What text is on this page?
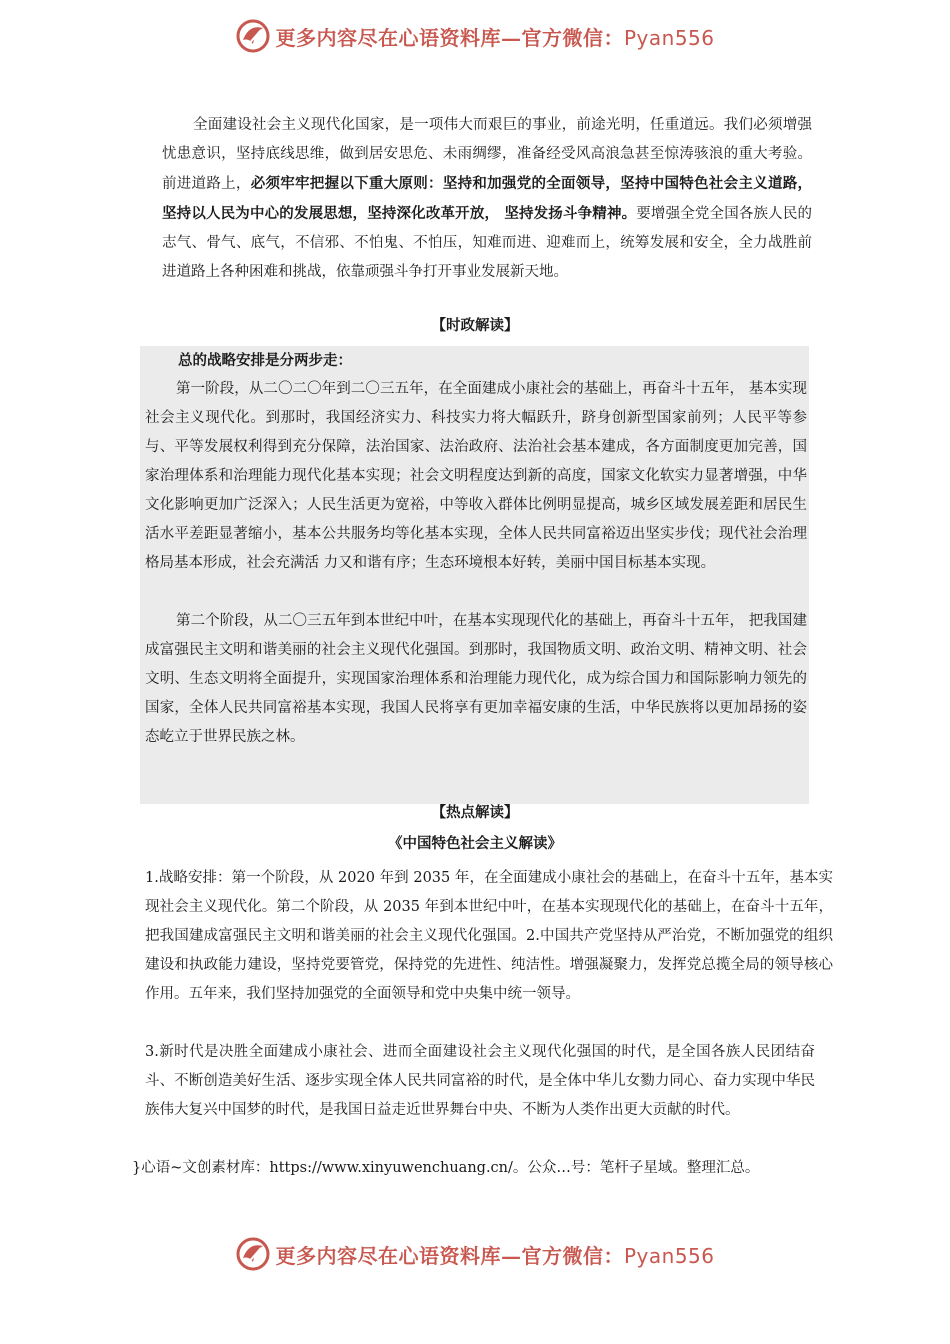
更多内容尽在心语资料库—官方微信：Pyan556

全面建设社会主义现代化国家，是一项伟大而艰巨的事业，前途光明，任重道远。我们必须增强忧患意识，坚持底线思维，做到居安思危、未雨绸缪，准备经受风高浪急甚至惊涛骇浪的重大考验。前进道路上，必须牢牢把握以下重大原则：坚持和加强党的全面领导，坚持中国特色社会主义道路，坚持以人民为中心的发展思想，坚持深化改革开放， 坚持发扬斗争精神。要增强全党全国各族人民的志气、骨气、底气，不信邪、不怕鬼、不怕压，知难而进、迎难而上，统筹发展和安全，全力战胜前进道路上各种困难和挑战，依靠顽强斗争打开事业发展新天地。

【时政解读】

总的战略安排是分两步走：

第一阶段，从二〇二〇年到二〇三五年，在全面建成小康社会的基础上，再奋斗十五年， 基本实现社会主义现代化。到那时，我国经济实力、科技实力将大幅跃升，跻身创新型国家前列；人民平等参与、平等发展权利得到充分保障，法治国家、法治政府、法治社会基本建成，各方面制度更加完善，国家治理体系和治理能力现代化基本实现；社会文明程度达到新的高度，国家文化软实力显著增强，中华文化影响更加广泛深入；人民生活更为宽裕，中等收入群体比例明显提高，城乡区域发展差距和居民生活水平差距显著缩小，基本公共服务均等化基本实现，全体人民共同富裕迈出坚实步伐；现代社会治理格局基本形成，社会充满活 力又和谐有序；生态环境根本好转，美丽中国目标基本实现。

第二个阶段，从二〇三五年到本世纪中叶，在基本实现现代化的基础上，再奋斗十五年， 把我国建成富强民主文明和谐美丽的社会主义现代化强国。到那时，我国物质文明、政治文明、精神文明、社会文明、生态文明将全面提升，实现国家治理体系和治理能力现代化，成为综合国力和国际影响力领先的国家，全体人民共同富裕基本实现，我国人民将享有更加幸福安康的生活，中华民族将以更加昂扬的姿态屹立于世界民族之林。

【热点解读】

《中国特色社会主义解读》

1.战略安排：第一个阶段，从 2020 年到 2035 年，在全面建成小康社会的基础上，在奋斗十五年，基本实现社会主义现代化。第二个阶段，从 2035 年到本世纪中叶，在基本实现现代化的基础上，在奋斗十五年，把我国建成富强民主文明和谐美丽的社会主义现代化强国。2.中国共产党坚持从严治党，不断加强党的组织建设和执政能力建设，坚持党要管党，保持党的先进性、纯洁性。增强凝聚力，发挥党总揽全局的领导核心作用。五年来，我们坚持加强党的全面领导和党中央集中统一领导。

3.新时代是决胜全面建成小康社会、进而全面建设社会主义现代化强国的时代，是全国各族人民团结奋斗、不断创造美好生活、逐步实现全体人民共同富裕的时代，是全体中华儿女勠力同心、奋力实现中华民族伟大复兴中国梦的时代，是我国日益走近世界舞台中央、不断为人类作出更大贡献的时代。

}心语~文创素材库：https://www.xinyuwenchuang.cn/。公众…号：笔杆子星域。整理汇总。

更多内容尽在心语资料库—官方微信：Pyan556
